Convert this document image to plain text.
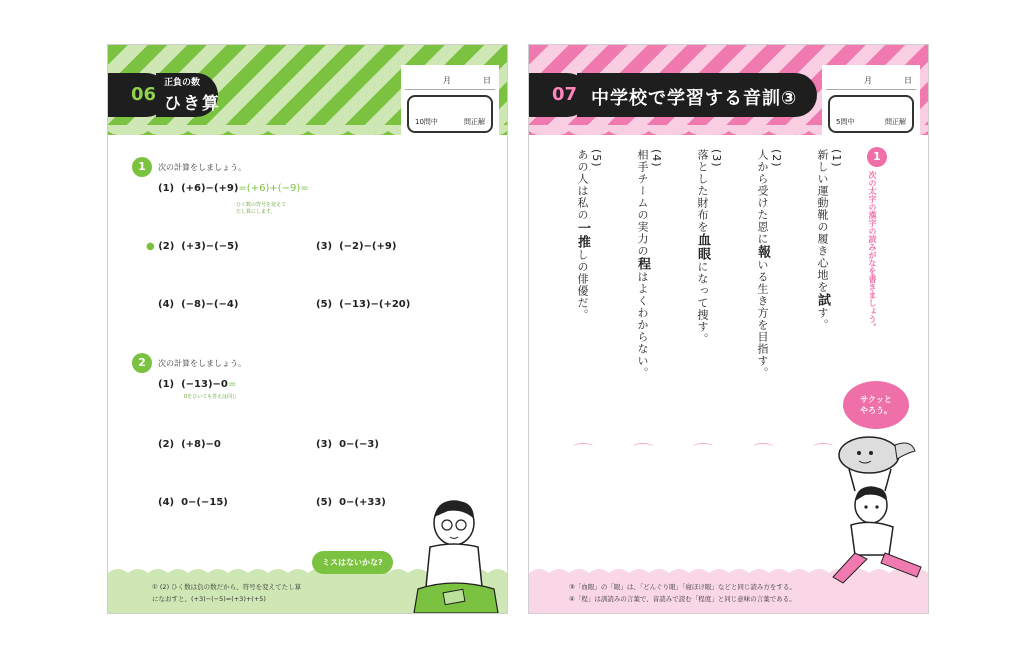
06
正負の数
ひき算
月	日
10問中	問正解
1	次の計算をしましょう。
(1) (+6)−(+9)=(+6)+(−9)=
ひく数の符号を変えて
たし算にします。
● (2) (+3)−(−5)	(3) (−2)−(+9)
(4) (−8)−(−4)	(5) (−13)−(+20)
2	次の計算をしましょう。
(1) (−13)−0=
0をひいても答えは同じ
(2) (+8)−0	(3) 0−(−3)
(4) 0−(−15)	(5) 0−(+33)
ミスはないかな?
① (2) ひく数は負の数だから、符号を変えてたし算
になおすと、(+3)−(−5)=(+3)+(+5)
07 中学校で学習する音訓③
月	日
5問中	問正解
1
次の太字の漢字の読みがなを書きましょう。
(1)
新しい運動靴の履き心地を試す。
(2)
人から受けた恩に報いる生き方を目指す。
(3)
落とした財布を血眼になって捜す。
(4)
相手チームの実力の程はよくわからない。
(5)
あの人は私の一推しの俳優だ。
サクッと
やろう。
③「血眼」の「眼」は、「どんぐり眼」「寝ぼけ眼」などと同じ読み方をする。
④「程」は訓読みの言葉で、音読みで読む「程度」と同じ意味の言葉である。
